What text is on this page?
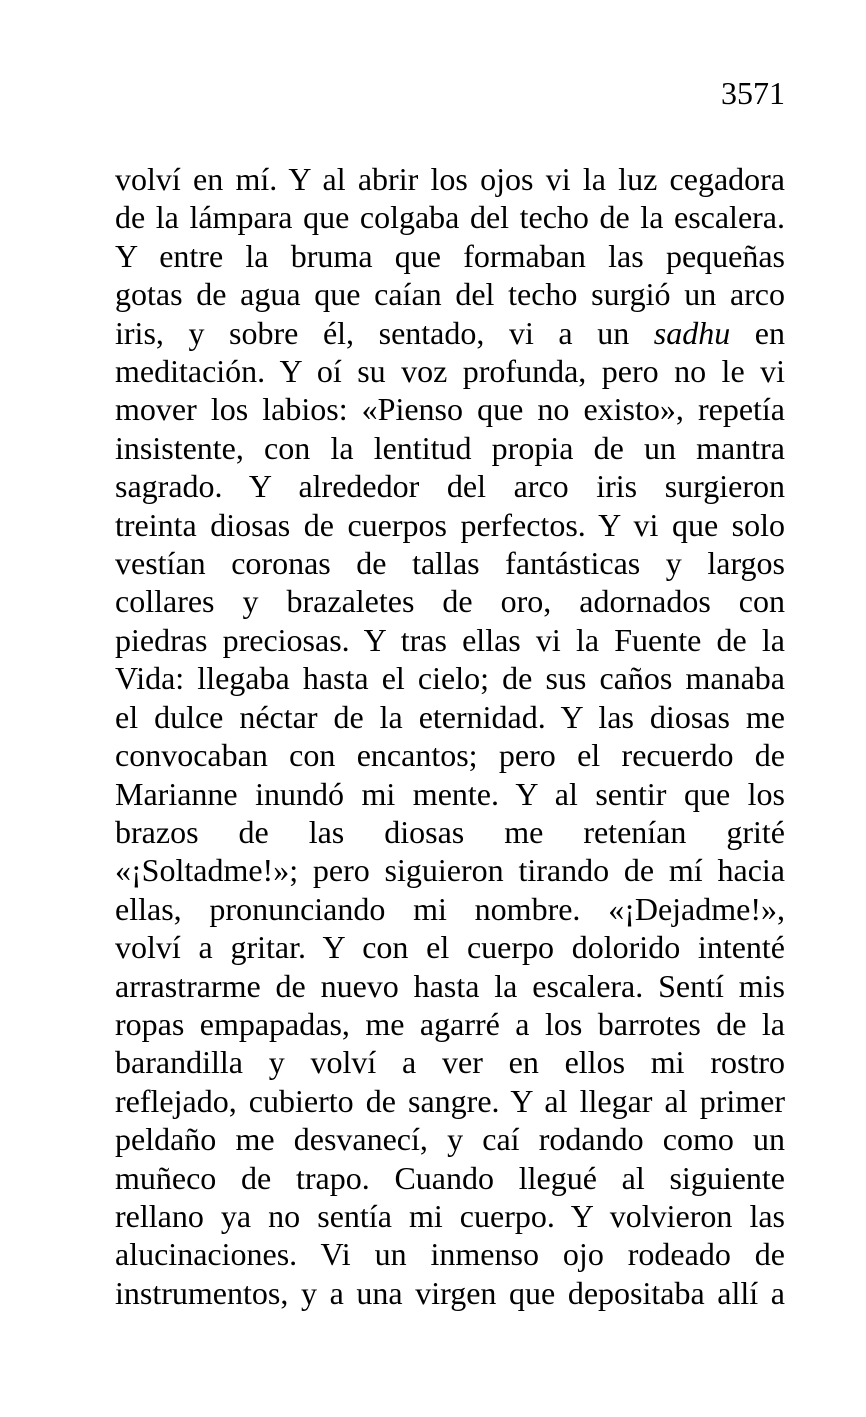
3571
volví en mí. Y al abrir los ojos vi la luz cegadora
de la lámpara que colgaba del techo de la escalera.
Y entre la bruma que formaban las pequeñas
gotas de agua que caían del techo surgió un arco
iris, y sobre él, sentado, vi a un sadhu en
meditación. Y oí su voz profunda, pero no le vi
mover los labios: «Pienso que no existo», repetía
insistente, con la lentitud propia de un mantra
sagrado. Y alrededor del arco iris surgieron
treinta diosas de cuerpos perfectos. Y vi que solo
vestían coronas de tallas fantásticas y largos
collares y brazaletes de oro, adornados con
piedras preciosas. Y tras ellas vi la Fuente de la
Vida: llegaba hasta el cielo; de sus caños manaba
el dulce néctar de la eternidad. Y las diosas me
convocaban con encantos; pero el recuerdo de
Marianne inundó mi mente. Y al sentir que los
brazos de las diosas me retenían grité
«¡Soltadme!»; pero siguieron tirando de mí hacia
ellas, pronunciando mi nombre. «¡Dejadme!»,
volví a gritar. Y con el cuerpo dolorido intenté
arrastrarme de nuevo hasta la escalera. Sentí mis
ropas empapadas, me agarré a los barrotes de la
barandilla y volví a ver en ellos mi rostro
reflejado, cubierto de sangre. Y al llegar al primer
peldaño me desvanecí, y caí rodando como un
muñeco de trapo. Cuando llegué al siguiente
rellano ya no sentía mi cuerpo. Y volvieron las
alucinaciones. Vi un inmenso ojo rodeado de
instrumentos, y a una virgen que depositaba allí a
